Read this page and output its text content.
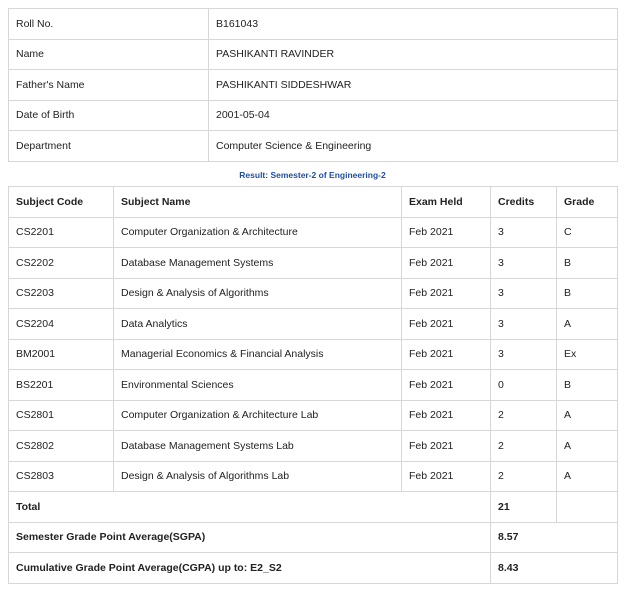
Roll No.	B161043
Name	PASHIKANTI RAVINDER
Father's Name	PASHIKANTI SIDDESHWAR
Date of Birth	2001-05-04
Department	Computer Science & Engineering
Result: Semester-2 of Engineering-2
Subject Code	Subject Name	Exam Held	Credits	Grade
CS2201	Computer Organization & Architecture	Feb 2021	3	C
CS2202	Database Management Systems	Feb 2021	3	B
CS2203	Design & Analysis of Algorithms	Feb 2021	3	B
CS2204	Data Analytics	Feb 2021	3	A
BM2001	Managerial Economics & Financial Analysis	Feb 2021	3	Ex
BS2201	Environmental Sciences	Feb 2021	0	B
CS2801	Computer Organization & Architecture Lab	Feb 2021	2	A
CS2802	Database Management Systems Lab	Feb 2021	2	A
CS2803	Design & Analysis of Algorithms Lab	Feb 2021	2	A
Total			21	
Semester Grade Point Average(SGPA)			8.57	
Cumulative Grade Point Average(CGPA) up to: E2_S2			8.43	
